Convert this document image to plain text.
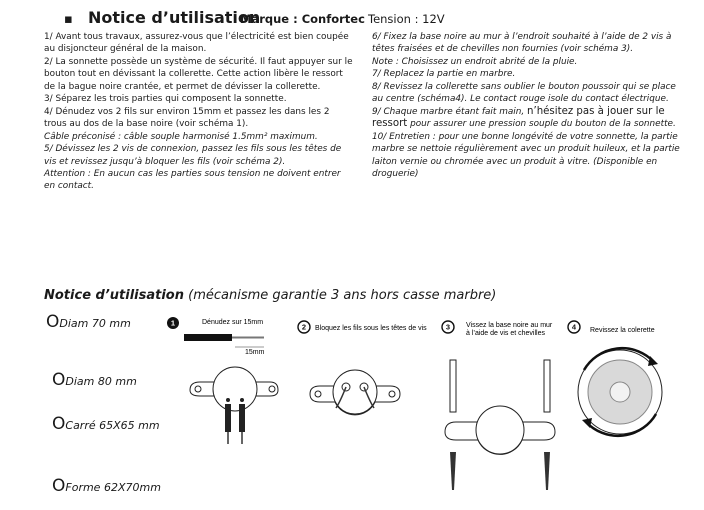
▪ Notice d’utilisation
Marque : Confortec Tension : 12V

1/ Avant tous travaux, assurez-vous que l’électricité est bien coupée au disjoncteur général de la maison.

2/ La sonnette possède un système de sécurité. Il faut appuyer sur le bouton tout en dévissant la collerette. Cette action libère le ressort de la bague noire crantée, et permet de dévisser la collerette.

3/ Séparez les trois parties qui composent la sonnette.

4/ Dénudez vos 2 fils sur environ 15mm et passez les dans les 2 trous au dos de la base noire (voir schéma 1).

Câble préconisé : câble souple harmonisé 1.5mm² maximum.

5/ Dévissez les 2 vis de connexion, passez les fils sous les têtes de vis et revissez jusqu’à bloquer les fils (voir schéma 2).

Attention : En aucun cas les parties sous tension ne doivent entrer en contact.

6/ Fixez la base noire au mur à l’endroit souhaité à l’aide de 2 vis à têtes fraisées et de chevilles non fournies (voir schéma 3).

Note : Choisissez un endroit abrité de la pluie.

7/ Replacez la partie en marbre.

8/ Revissez la collerette sans oublier le bouton poussoir qui se place au centre (schéma4). Le contact rouge isole du contact électrique.

9/ Chaque marbre étant fait main, n’hésitez pas à jouer sur le ressort pour assurer une pression souple du bouton de la sonnette.

10/ Entretien : pour une bonne longévité de votre sonnette, la partie marbre se nettoie régulièrement avec un produit huileux, et la partie laiton vernie ou chromée avec un produit à vitre. (Disponible en droguerie)

Notice d’utilisation (mécanisme garantie 3 ans hors casse marbre)
ODiam 70 mm
ODiam 80 mm
OCarré 65X65 mm
OForme 62X70mm
1	Dénudez sur 15mm
15mm
2 Bloquez les fils sous les têtes de vis	3 Vissez la base noire au mur
à l’aide de vis et chevilles
4 Revissez la colerette
